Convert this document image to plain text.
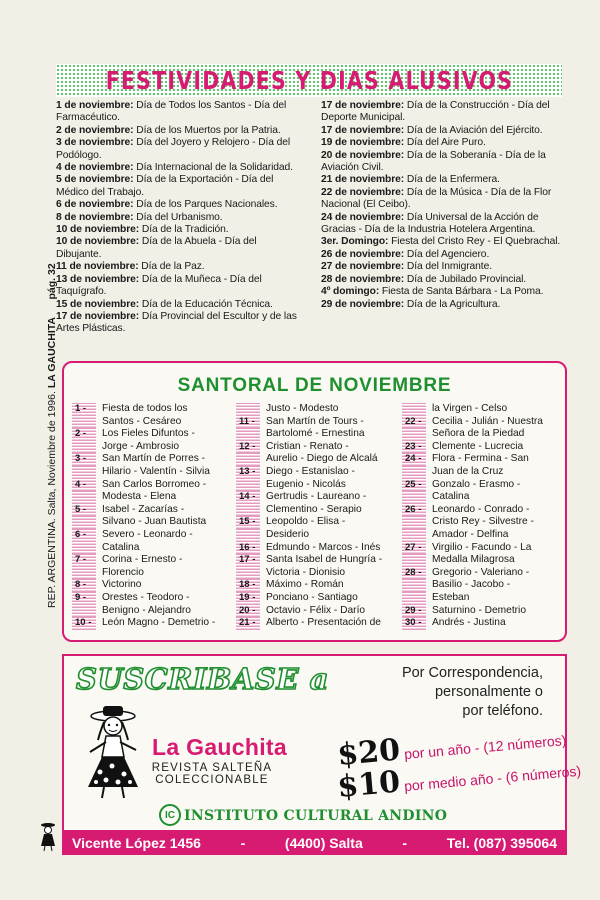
REP. ARGENTINA. Salta, Noviembre de 1996. LA GAUCHITA      pág. 32
FESTIVIDADES Y DIAS ALUSIVOS

1 de noviembre: Día de Todos los Santos - Día del Farmacéutico.

2 de noviembre: Día de los Muertos por la Patria.

3 de noviembre: Día del Joyero y Relojero - Día del Podólogo.

4 de noviembre: Día Internacional de la Solidaridad.

5 de noviembre: Día de la Exportación - Día del Médico del Trabajo.

6 de noviembre: Día de los Parques Nacionales.

8 de noviembre: Día del Urbanismo.

10 de noviembre: Día de la Tradición.

10 de noviembre: Día de la Abuela - Día del Dibujante.

11 de noviembre: Día de la Paz.

13 de noviembre: Día de la Muñeca - Día del Taquígrafo.

15 de noviembre: Día de la Educación Técnica.

17 de noviembre: Día Provincial del Escultor y de las Artes Plásticas.

17 de noviembre: Día de la Construcción - Día del Deporte Municipal.

17 de noviembre: Día de la Aviación del Ejército.

19 de noviembre: Día del Aire Puro.

20 de noviembre: Día de la Soberanía - Día de la Aviación Civil.

21 de noviembre: Día de la Enfermera.

22 de noviembre: Día de la Música - Día de la Flor Nacional (El Ceibo).

24 de noviembre: Día Universal de la Acción de Gracias - Día de la Industria Hotelera Argentina.

3er. Domingo: Fiesta del Cristo Rey - El Quebrachal.

26 de noviembre: Día del Agenciero.

27 de noviembre: Día del Inmigrante.

28 de noviembre: Día de Jubilado Provincial.

4º domingo: Fiesta de Santa Bárbara - La Poma.

29 de noviembre: Día de la Agricultura.

SANTORAL DE NOVIEMBRE
1 -	Fiesta de todos los
Santos - Cesáreo
2 -	Los Fieles Difuntos -
Jorge - Ambrosio
3 -	San Martín de Porres -
Hilario - Valentín - Silvia
4 -	San Carlos Borromeo -
Modesta - Elena
5 -	Isabel - Zacarías -
Silvano - Juan Bautista
6 -	Severo - Leonardo -
Catalina
7 -	Corina - Ernesto -
Florencio
8 -	Victorino
9 -	Orestes - Teodoro -
Benigno - Alejandro
10 -	León Magno - Demetrio -
Justo - Modesto
11 -	San Martín de Tours -
Bartolomé - Ernestina
12 -	Cristian - Renato -
Aurelio - Diego de Alcalá
13 -	Diego - Estanislao -
Eugenio - Nicolás
14 -	Gertrudis - Laureano -
Clementino - Serapio
15 -	Leopoldo - Elisa -
Desiderio
16 -	Edmundo - Marcos - Inés
17 -	Santa Isabel de Hungría -
Victoria - Dionisio
18 -	Máximo - Román
19 -	Ponciano - Santiago
20 -	Octavio - Félix - Darío
21 -	Alberto - Presentación de
la Virgen - Celso
22 -	Cecilia - Julián - Nuestra
Señora de la Piedad
23 -	Clemente - Lucrecia
24 -	Flora - Fermina - San
Juan de la Cruz
25 -	Gonzalo - Erasmo -
Catalina
26 -	Leonardo - Conrado -
Cristo Rey - Silvestre -
Amador - Delfina
27 -	Virgilio - Facundo - La
Medalla Milagrosa
28 -	Gregorio - Valeriano -
Basilio - Jacobo -
Esteban
29 -	Saturnino - Demetrio
30 -	Andrés - Justina
SUSCRIBASE a	Por Correspondencia,
personalmente o
por teléfono.
La Gauchita
REVISTA SALTEÑA
COLECCIONABLE
$20 por un año - (12 números)
$10 por medio año - (6 números)
IC INSTITUTO CULTURAL ANDINO
Vicente López 1456	-	(4400) Salta	-	Tel. (087) 395064
